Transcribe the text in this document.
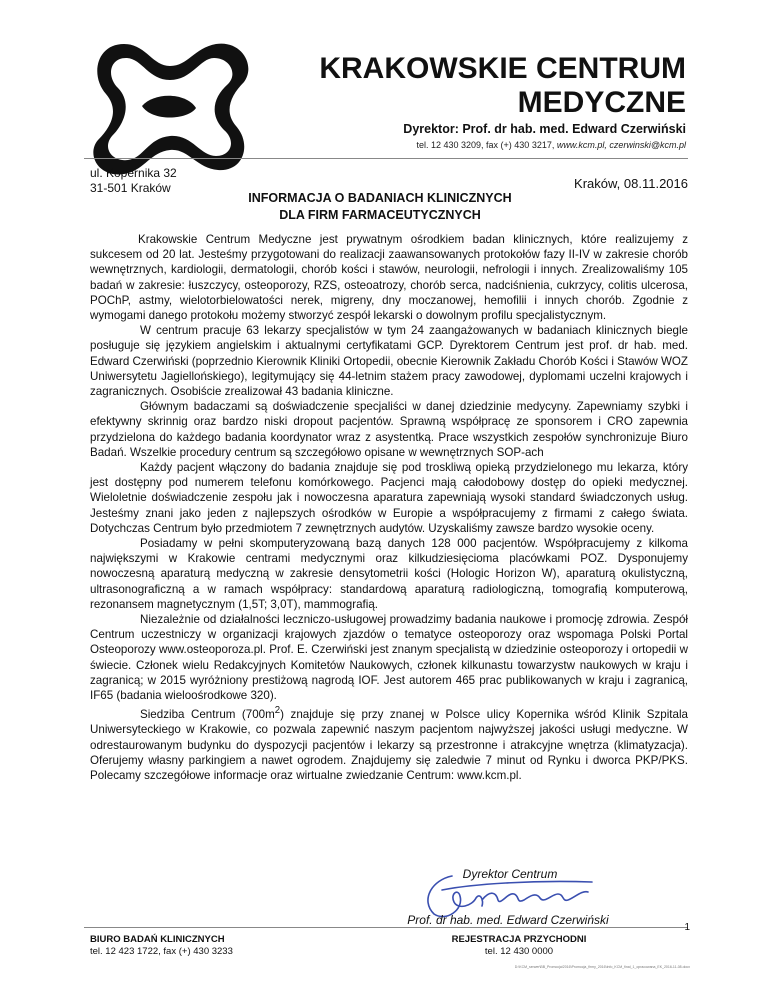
KRAKOWSKIE CENTRUM
MEDYCZNE
Dyrektor: Prof. dr hab. med. Edward Czerwiński
tel. 12 430 3209, fax (+) 430 3217, www.kcm.pl, czerwinski@kcm.pl
ul. Kopernika 32
31-501 Kraków	Kraków, 08.11.2016
INFORMACJA O BADANIACH KLINICZNYCH
DLA FIRM FARMACEUTYCZNYCH

Krakowskie Centrum Medyczne jest prywatnym ośrodkiem badan klinicznych, które realizujemy z sukcesem od 20 lat. Jesteśmy przygotowani do realizacji zaawansowanych protokołów fazy II-IV w zakresie chorób wewnętrznych, kardiologii, dermatologii, chorób kości i stawów, neurologii, nefrologii i innych. Zrealizowaliśmy 105 badań w zakresie: łuszczycy, osteoporozy, RZS, osteoatrozy, chorób serca, nadciśnienia, cukrzycy, colitis ulcerosa, POChP, astmy, wielotorbielowatości nerek, migreny, dny moczanowej, hemofilii i innych chorób. Zgodnie z wymogami danego protokołu możemy stworzyć zespół lekarski o dowolnym profilu specjalistycznym.

W centrum pracuje 63 lekarzy specjalistów w tym 24 zaangażowanych w badaniach klinicznych biegle posługuje się językiem angielskim i aktualnymi certyfikatami GCP. Dyrektorem Centrum jest prof. dr hab. med. Edward Czerwiński (poprzednio Kierownik Kliniki Ortopedii, obecnie Kierownik Zakładu Chorób Kości i Stawów WOZ Uniwersytetu Jagiellońskiego), legitymujący się 44-letnim stażem pracy zawodowej, dyplomami uczelni krajowych i zagranicznych. Osobiście zrealizował 43 badania kliniczne.

Głównym badaczami są doświadczenie specjaliści w danej dziedzinie medycyny. Zapewniamy szybki i efektywny skrinnig oraz bardzo niski dropout pacjentów. Sprawną współpracę ze sponsorem i CRO zapewnia przydzielona do każdego badania koordynator wraz z asystentką. Prace wszystkich zespołów synchronizuje Biuro Badań. Wszelkie procedury centrum są szczegółowo opisane w wewnętrznych SOP-ach

Każdy pacjent włączony do badania znajduje się pod troskliwą opieką przydzielonego mu lekarza, który jest dostępny pod numerem telefonu komórkowego. Pacjenci mają całodobowy dostęp do opieki medycznej. Wieloletnie doświadczenie zespołu jak i nowoczesna aparatura zapewniają wysoki standard świadczonych usług. Jesteśmy znani jako jeden z najlepszych ośrodków w Europie a współpracujemy z firmami z całego świata. Dotychczas Centrum było przedmiotem 7 zewnętrznych audytów. Uzyskaliśmy zawsze bardzo wysokie oceny.

Posiadamy w pełni skomputeryzowaną bazą danych 128 000 pacjentów. Współpracujemy z kilkoma największymi w Krakowie centrami medycznymi oraz kilkudziesięcioma placówkami POZ. Dysponujemy nowoczesną aparaturą medyczną w zakresie densytometrii kości (Hologic Horizon W), aparaturą okulistyczną, ultrasonograficzną a w ramach współpracy: standardową aparaturą radiologiczną, tomografią komputerową, rezonansem magnetycznym (1,5T; 3,0T), mammografią.

Niezależnie od działalności leczniczo-usługowej prowadzimy badania naukowe i promocję zdrowia. Zespół Centrum uczestniczy w organizacji krajowych zjazdów o tematyce osteoporozy oraz wspomaga Polski Portal Osteoporozy www.osteoporoza.pl. Prof. E. Czerwiński jest znanym specjalistą w dziedzinie osteoporozy i ortopedii w świecie. Członek wielu Redakcyjnych Komitetów Naukowych, członek kilkunastu towarzystw naukowych w kraju i zagranicą; w 2015 wyróżniony prestiżową nagrodą IOF. Jest autorem 465 prac publikowanych w kraju i zagranicą, IF65 (badania wieloośrodkowe 320).

Siedziba Centrum $(700m^2)$ znajduje się przy znanej w Polsce ulicy Kopernika wśród Klinik Szpitala Uniwersyteckiego w Krakowie, co pozwala zapewnić naszym pacjentom najwyższej jakości usługi medyczne. W odrestaurowanym budynku do dyspozycji pacjentów i lekarzy są przestronne i atrakcyjne wnętrza (klimatyzacja). Oferujemy własny parkingiem a nawet ogrodem. Znajdujemy się zaledwie 7 minut od Rynku i dworca PKP/PKS. Polecamy szczegółowe informacje oraz wirtualne zwiedzanie Centrum: www.kcm.pl.

Dyrektor Centrum
Prof. dr hab. med. Edward Czerwiński
BIURO BADAŃ KLINICZNYCH
tel. 12 423 1722, fax (+) 430 3233
REJESTRACJA PRZYCHODNI
tel. 12 430 0000
1
D:\KCM_serwer\BB_Promocja\2016\Promocja_firmy_2016\Info_KCM_final_1_opracowana_EK_2016-11-08.docx
